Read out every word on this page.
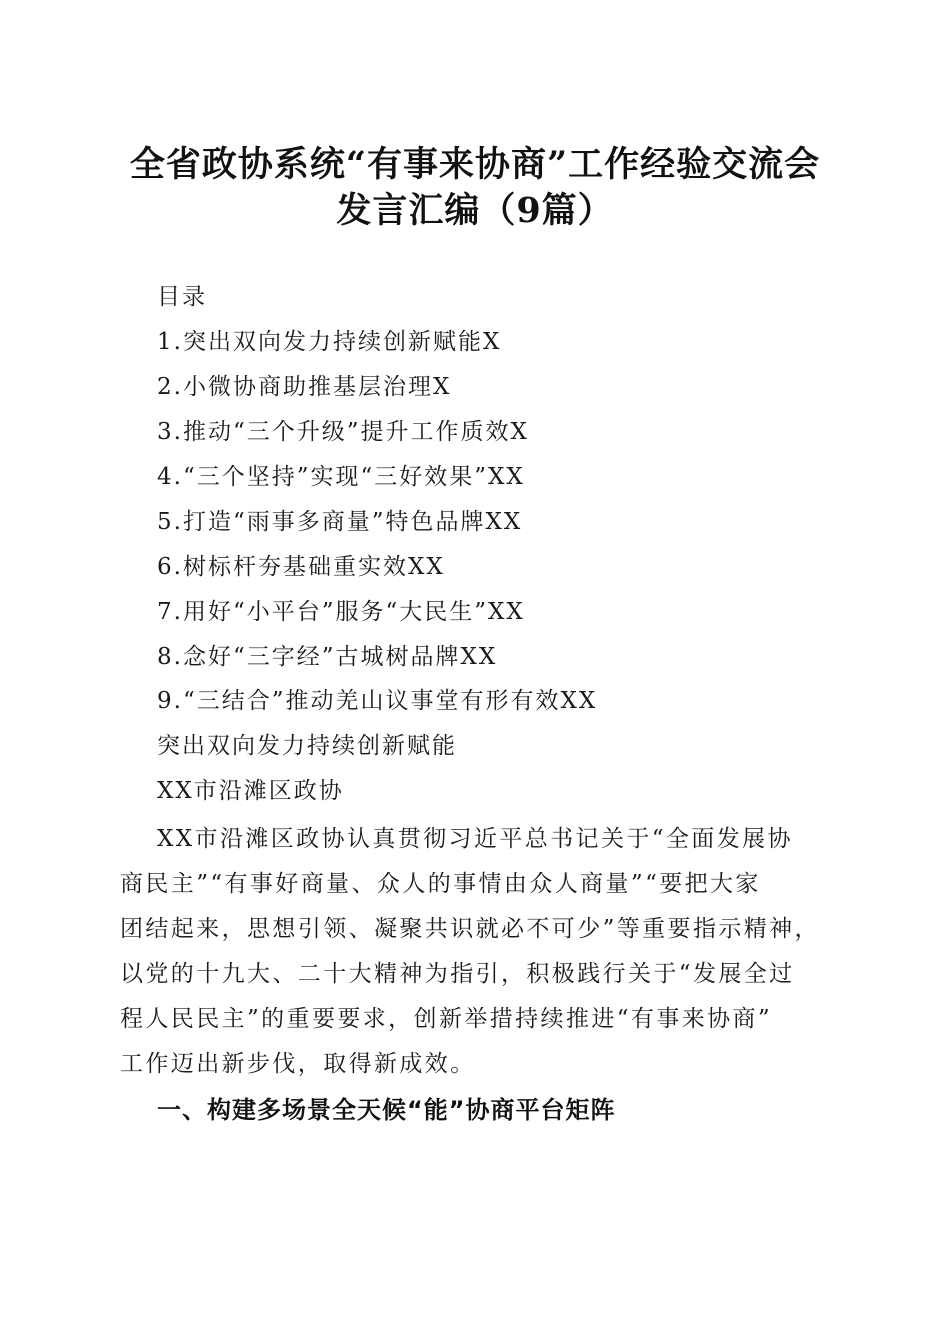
全省政协系统“有事来协商”工作经验交流会
发言汇编（9篇）
目录
1.突出双向发力持续创新赋能X
2.小微协商助推基层治理X
3.推动“三个升级”提升工作质效X
4.“三个坚持”实现“三好效果”XX
5.打造“雨事多商量”特色品牌XX
6.树标杆夯基础重实效XX
7.用好“小平台”服务“大民生”XX
8.念好“三字经”古城树品牌XX
9.“三结合”推动羌山议事堂有形有效XX
突出双向发力持续创新赋能
XX市沿滩区政协
XX市沿滩区政协认真贯彻习近平总书记关于“全面发展协
商民主”“有事好商量、众人的事情由众人商量”“要把大家
团结起来，思想引领、凝聚共识就必不可少”等重要指示精神，
以党的十九大、二十大精神为指引，积极践行关于“发展全过
程人民民主”的重要要求，创新举措持续推进“有事来协商”
工作迈出新步伐，取得新成效。
一、构建多场景全天候“能”协商平台矩阵
